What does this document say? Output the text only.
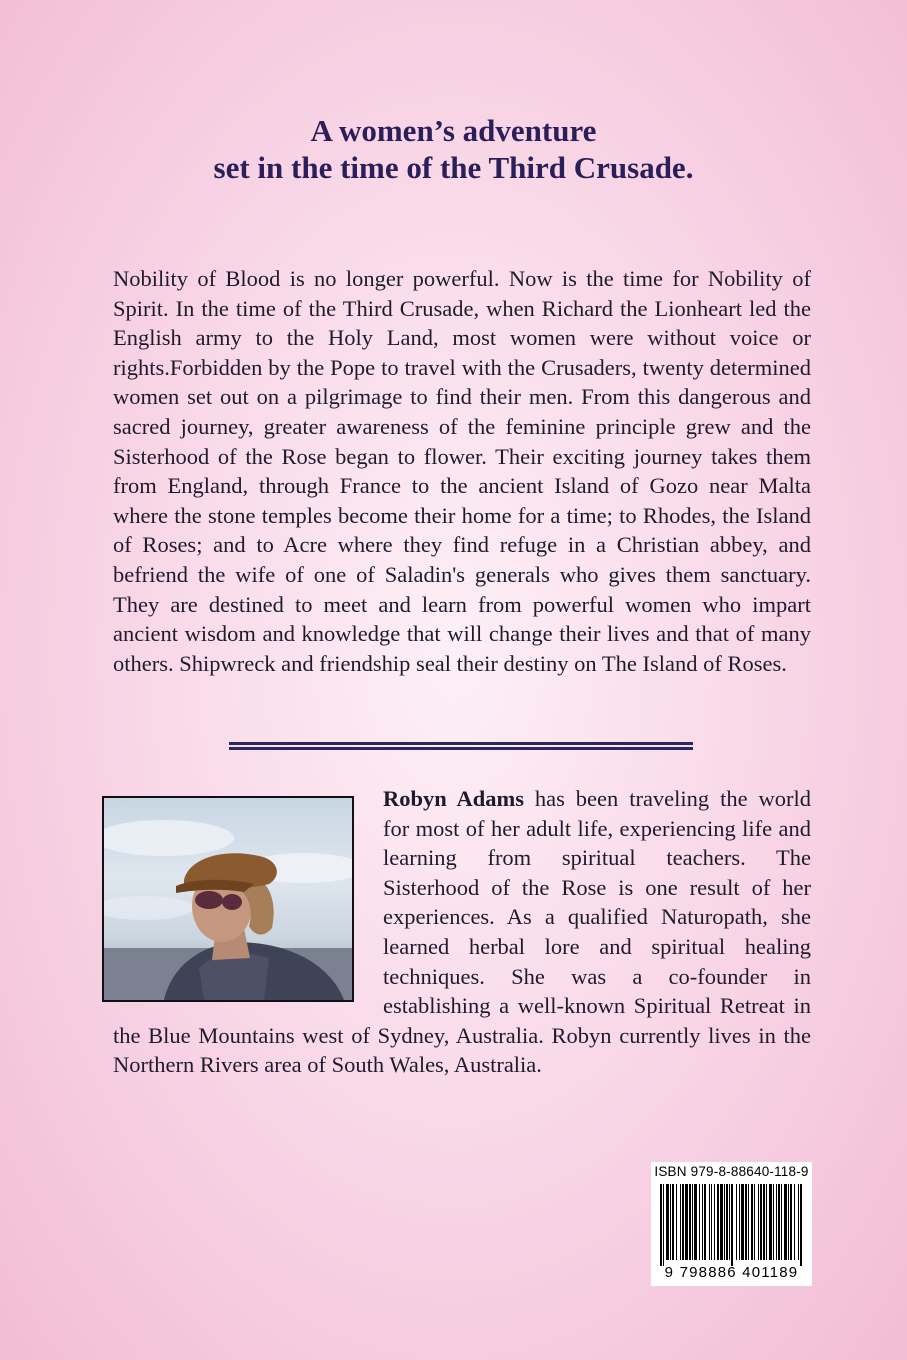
A women’s adventure
set in the time of the Third Crusade.

Nobility of Blood is no longer powerful. Now is the time for Nobility of Spirit. In the time of the Third Crusade, when Richard the Lionheart led the English army to the Holy Land, most women were without voice or rights.Forbidden by the Pope to travel with the Crusaders, twenty determined women set out on a pilgrimage to find their men. From this dangerous and sacred journey, greater awareness of the feminine principle grew and the Sisterhood of the Rose began to flower. Their exciting journey takes them from England, through France to the ancient Island of Gozo near Malta where the stone temples become their home for a time; to Rhodes, the Island of Roses; and to Acre where they find refuge in a Christian abbey, and befriend the wife of one of Saladin's generals who gives them sanctuary. They are destined to meet and learn from powerful women who impart ancient wisdom and knowledge that will change their lives and that of many others. Shipwreck and friendship seal their destiny on The Island of Roses.

Robyn Adams has been traveling the world for most of her adult life, experiencing life and learning from spiritual teachers. The Sisterhood of the Rose is one result of her experiences. As a qualified Naturopath, she learned herbal lore and spiritual healing techniques. She was a co-founder in establishing a well-known Spiritual Retreat in the Blue Mountains west of Sydney, Australia. Robyn currently lives in the Northern Rivers area of South Wales, Australia.
ISBN 979-8-88640-118-9
9 798886 401189
